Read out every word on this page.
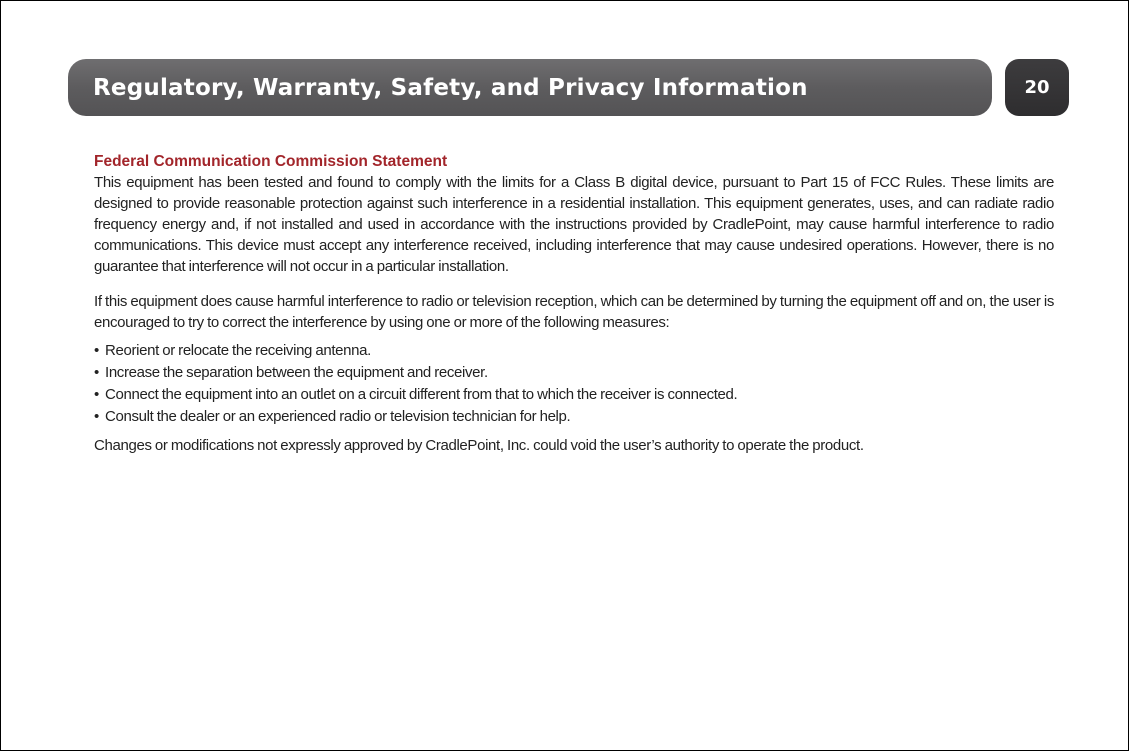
Regulatory, Warranty, Safety, and Privacy Information	20
Federal Communication Commission Statement

This equipment has been tested and found to comply with the limits for a Class B digital device, pursuant to Part 15 of FCC Rules. These limits are designed to provide reasonable protection against such interference in a residential installation. This equipment generates, uses, and can radiate radio frequency energy and, if not installed and used in accordance with the instructions provided by CradlePoint, may cause harmful interference to radio communications. This device must accept any interference received, including interference that may cause undesired operations. However, there is no guarantee that interference will not occur in a particular installation.

If this equipment does cause harmful interference to radio or television reception, which can be determined by turning the equipment off and on, the user is encouraged to try to correct the interference by using one or more of the following measures:

• Reorient or relocate the receiving antenna.
• Increase the separation between the equipment and receiver.
• Connect the equipment into an outlet on a circuit different from that to which the receiver is connected.
• Consult the dealer or an experienced radio or television technician for help.

Changes or modifications not expressly approved by CradlePoint, Inc. could void the user’s authority to operate the product.
